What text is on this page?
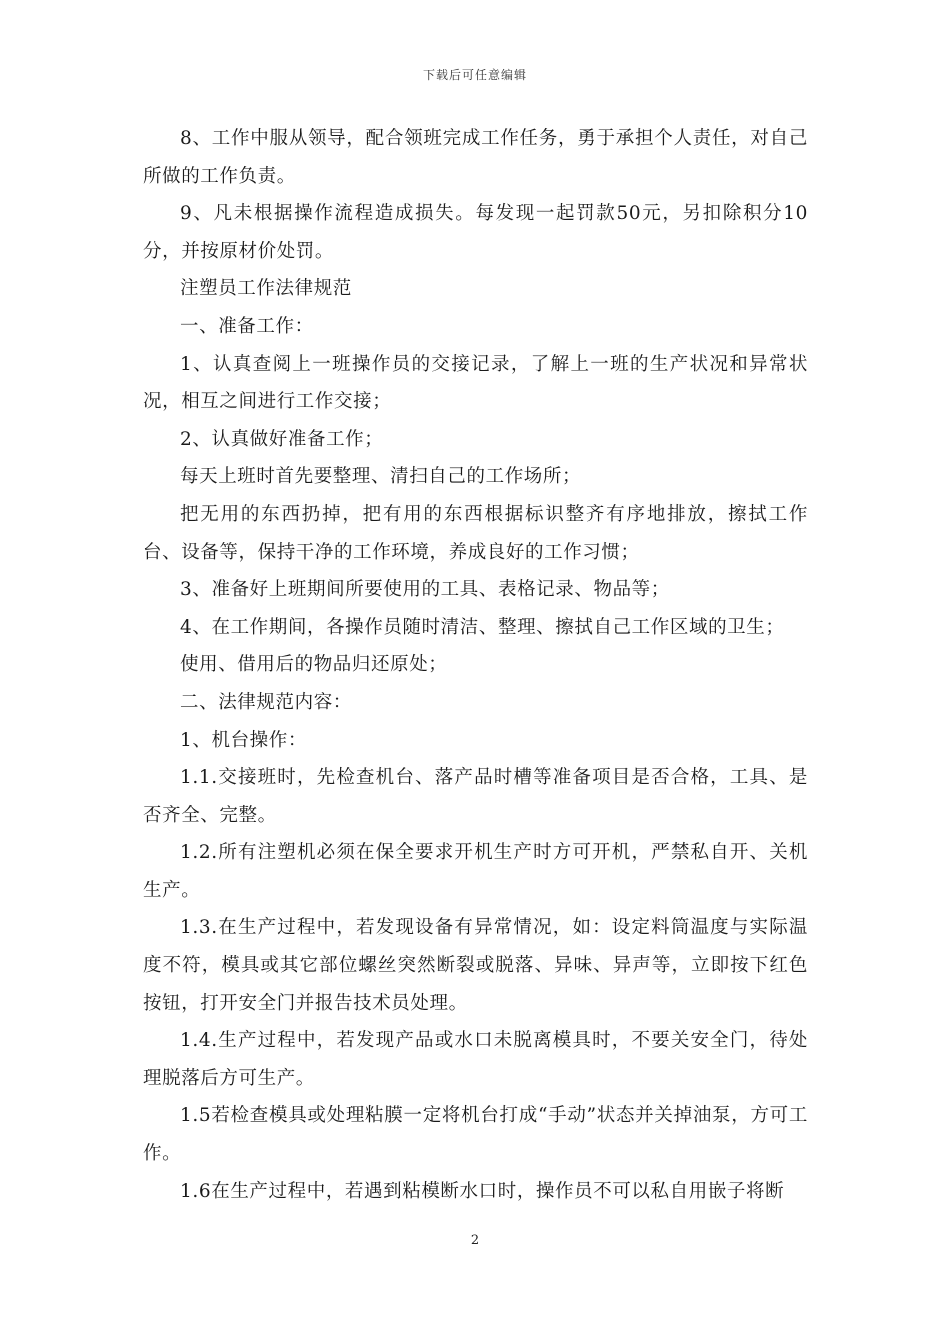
下载后可任意编辑

8、工作中服从领导，配合领班完成工作任务，勇于承担个人责任，对自己所做的工作负责。

9、凡未根据操作流程造成损失。每发现一起罚款50元，另扣除积分10分，并按原材价处罚。

注塑员工作法律规范

一、准备工作：

1、认真查阅上一班操作员的交接记录，了解上一班的生产状况和异常状况，相互之间进行工作交接；

2、认真做好准备工作；

每天上班时首先要整理、清扫自己的工作场所；

把无用的东西扔掉，把有用的东西根据标识整齐有序地排放，擦拭工作台、设备等，保持干净的工作环境，养成良好的工作习惯；

3、准备好上班期间所要使用的工具、表格记录、物品等；

4、在工作期间，各操作员随时清洁、整理、擦拭自己工作区域的卫生；

使用、借用后的物品归还原处；

二、法律规范内容：

1、机台操作：

1.1.交接班时，先检查机台、落产品时槽等准备项目是否合格，工具、是否齐全、完整。

1.2.所有注塑机必须在保全要求开机生产时方可开机，严禁私自开、关机生产。

1.3.在生产过程中，若发现设备有异常情况，如：设定料筒温度与实际温度不符，模具或其它部位螺丝突然断裂或脱落、异味、异声等，立即按下红色按钮，打开安全门并报告技术员处理。

1.4.生产过程中，若发现产品或水口未脱离模具时，不要关安全门，待处理脱落后方可生产。

1.5若检查模具或处理粘膜一定将机台打成“手动”状态并关掉油泵，方可工作。

1.6在生产过程中，若遇到粘模断水口时，操作员不可以私自用嵌子将断

2
